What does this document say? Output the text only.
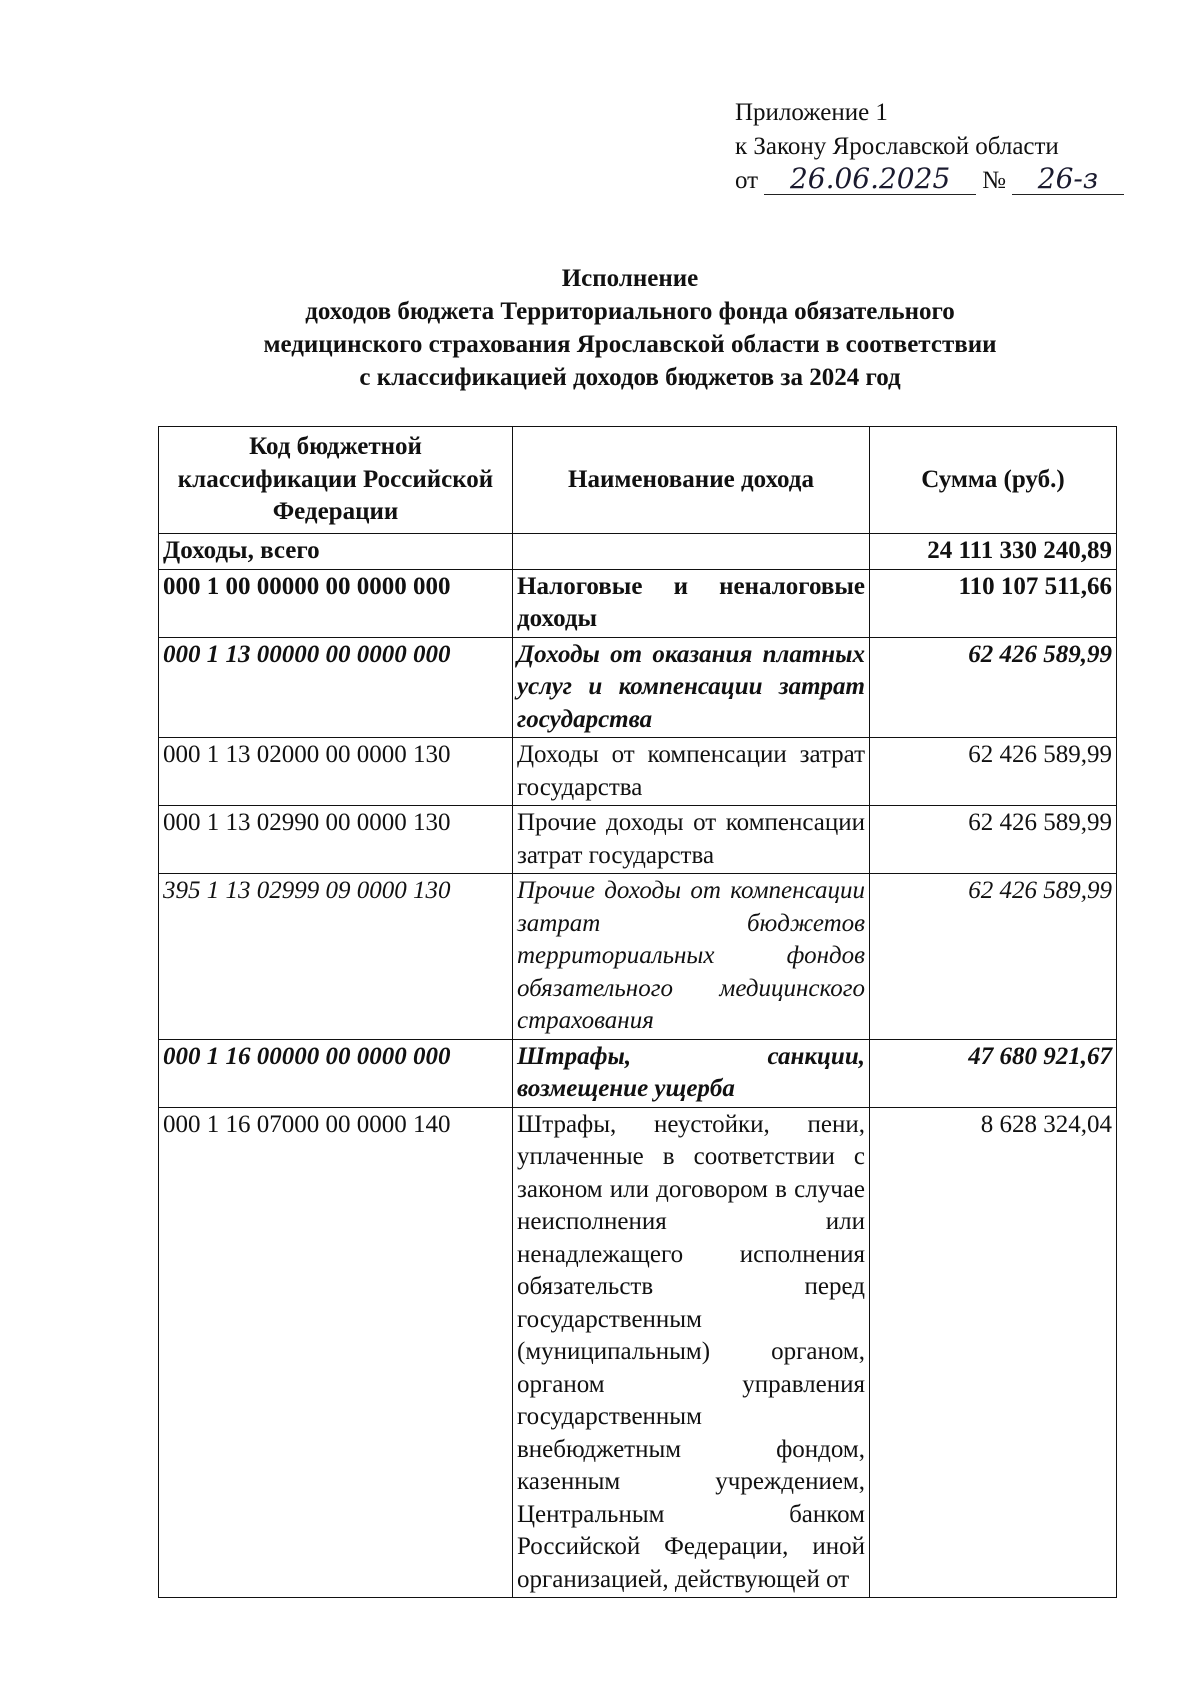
Приложение 1
к Закону Ярославской области
от 26.06.2025 № 26-з
Исполнение
доходов бюджета Территориального фонда обязательного
медицинского страхования Ярославской области в соответствии
с классификацией доходов бюджетов за 2024 год
Код бюджетной классификации Российской Федерации	Наименование дохода	Сумма (руб.)
Доходы, всего		24 111 330 240,89
000 1 00 00000 00 0000 000	Налоговые и неналоговые доходы	110 107 511,66
000 1 13 00000 00 0000 000	Доходы от оказания платных услуг и компенсации затрат государства	62 426 589,99
000 1 13 02000 00 0000 130	Доходы от компенсации затрат государства	62 426 589,99
000 1 13 02990 00 0000 130	Прочие доходы от компенсации затрат государства	62 426 589,99
395 1 13 02999 09 0000 130	Прочие доходы от компенсации затрат бюджетов территориальных фондов обязательного медицинского страхования	62 426 589,99
000 1 16 00000 00 0000 000	Штрафы, санкции, возмещение ущерба	47 680 921,67
000 1 16 07000 00 0000 140	Штрафы, неустойки, пени, уплаченные в соответствии с законом или договором в случае неисполнения или ненадлежащего исполнения обязательств перед государственным (муниципальным) органом, органом управления государственным внебюджетным фондом, казенным учреждением, Центральным банком Российской Федерации, иной организацией, действующей от	8 628 324,04
